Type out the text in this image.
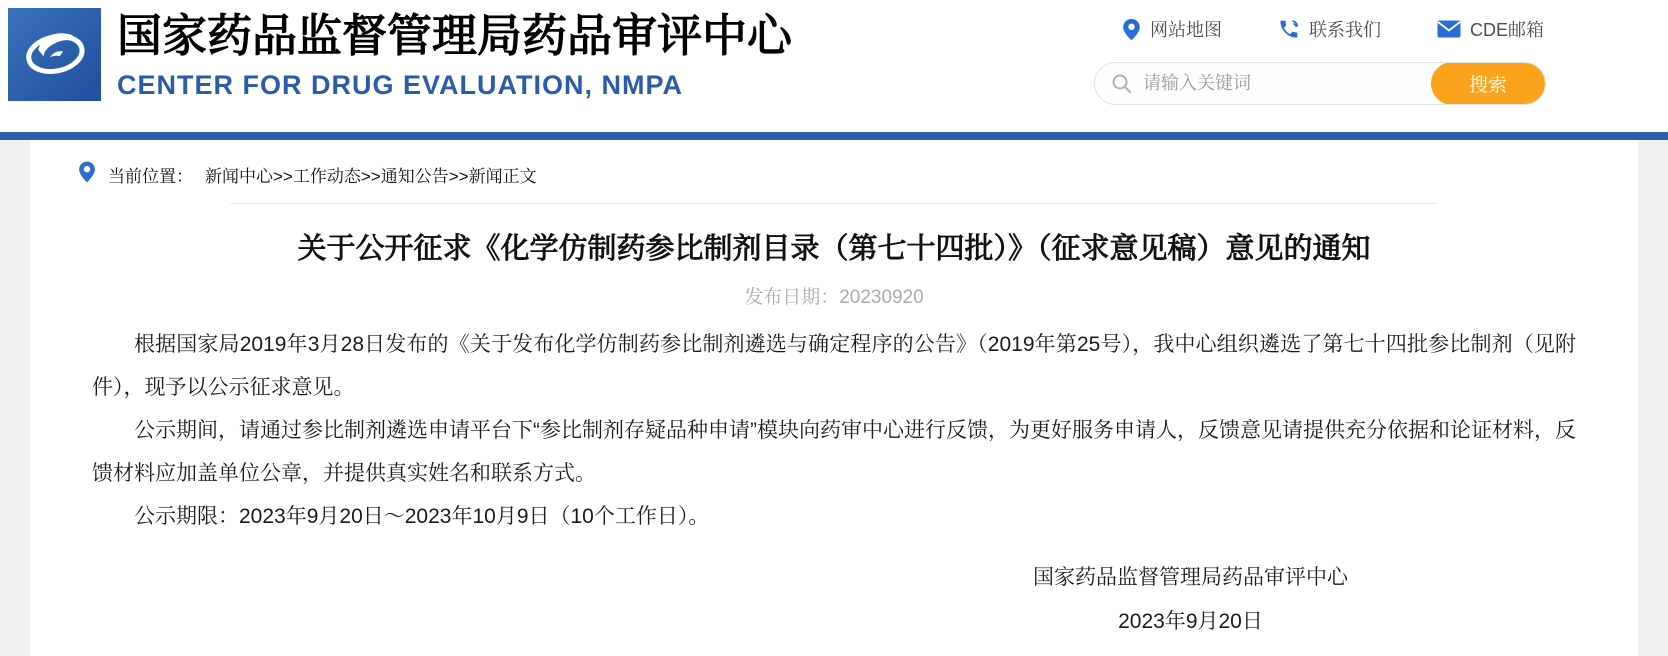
国家药品监督管理局药品审评中心
CENTER FOR DRUG EVALUATION, NMPA
网站地图	联系我们	CDE邮箱
请输入关键词
搜索
当前位置： 新闻中心>>工作动态>>通知公告>>新闻正文
关于公开征求《化学仿制药参比制剂目录（第七十四批）》（征求意见稿）意见的通知
发布日期：20230920

根据国家局2019年3月28日发布的《关于发布化学仿制药参比制剂遴选与确定程序的公告》（2019年第25号），我中心组织遴选了第七十四批参比制剂（见附件），现予以公示征求意见。

公示期间，请通过参比制剂遴选申请平台下“参比制剂存疑品种申请”模块向药审中心进行反馈，为更好服务申请人，反馈意见请提供充分依据和论证材料，反馈材料应加盖单位公章，并提供真实姓名和联系方式。

公示期限：2023年9月20日～2023年10月9日（10个工作日）。

国家药品监督管理局药品审评中心
2023年9月20日
